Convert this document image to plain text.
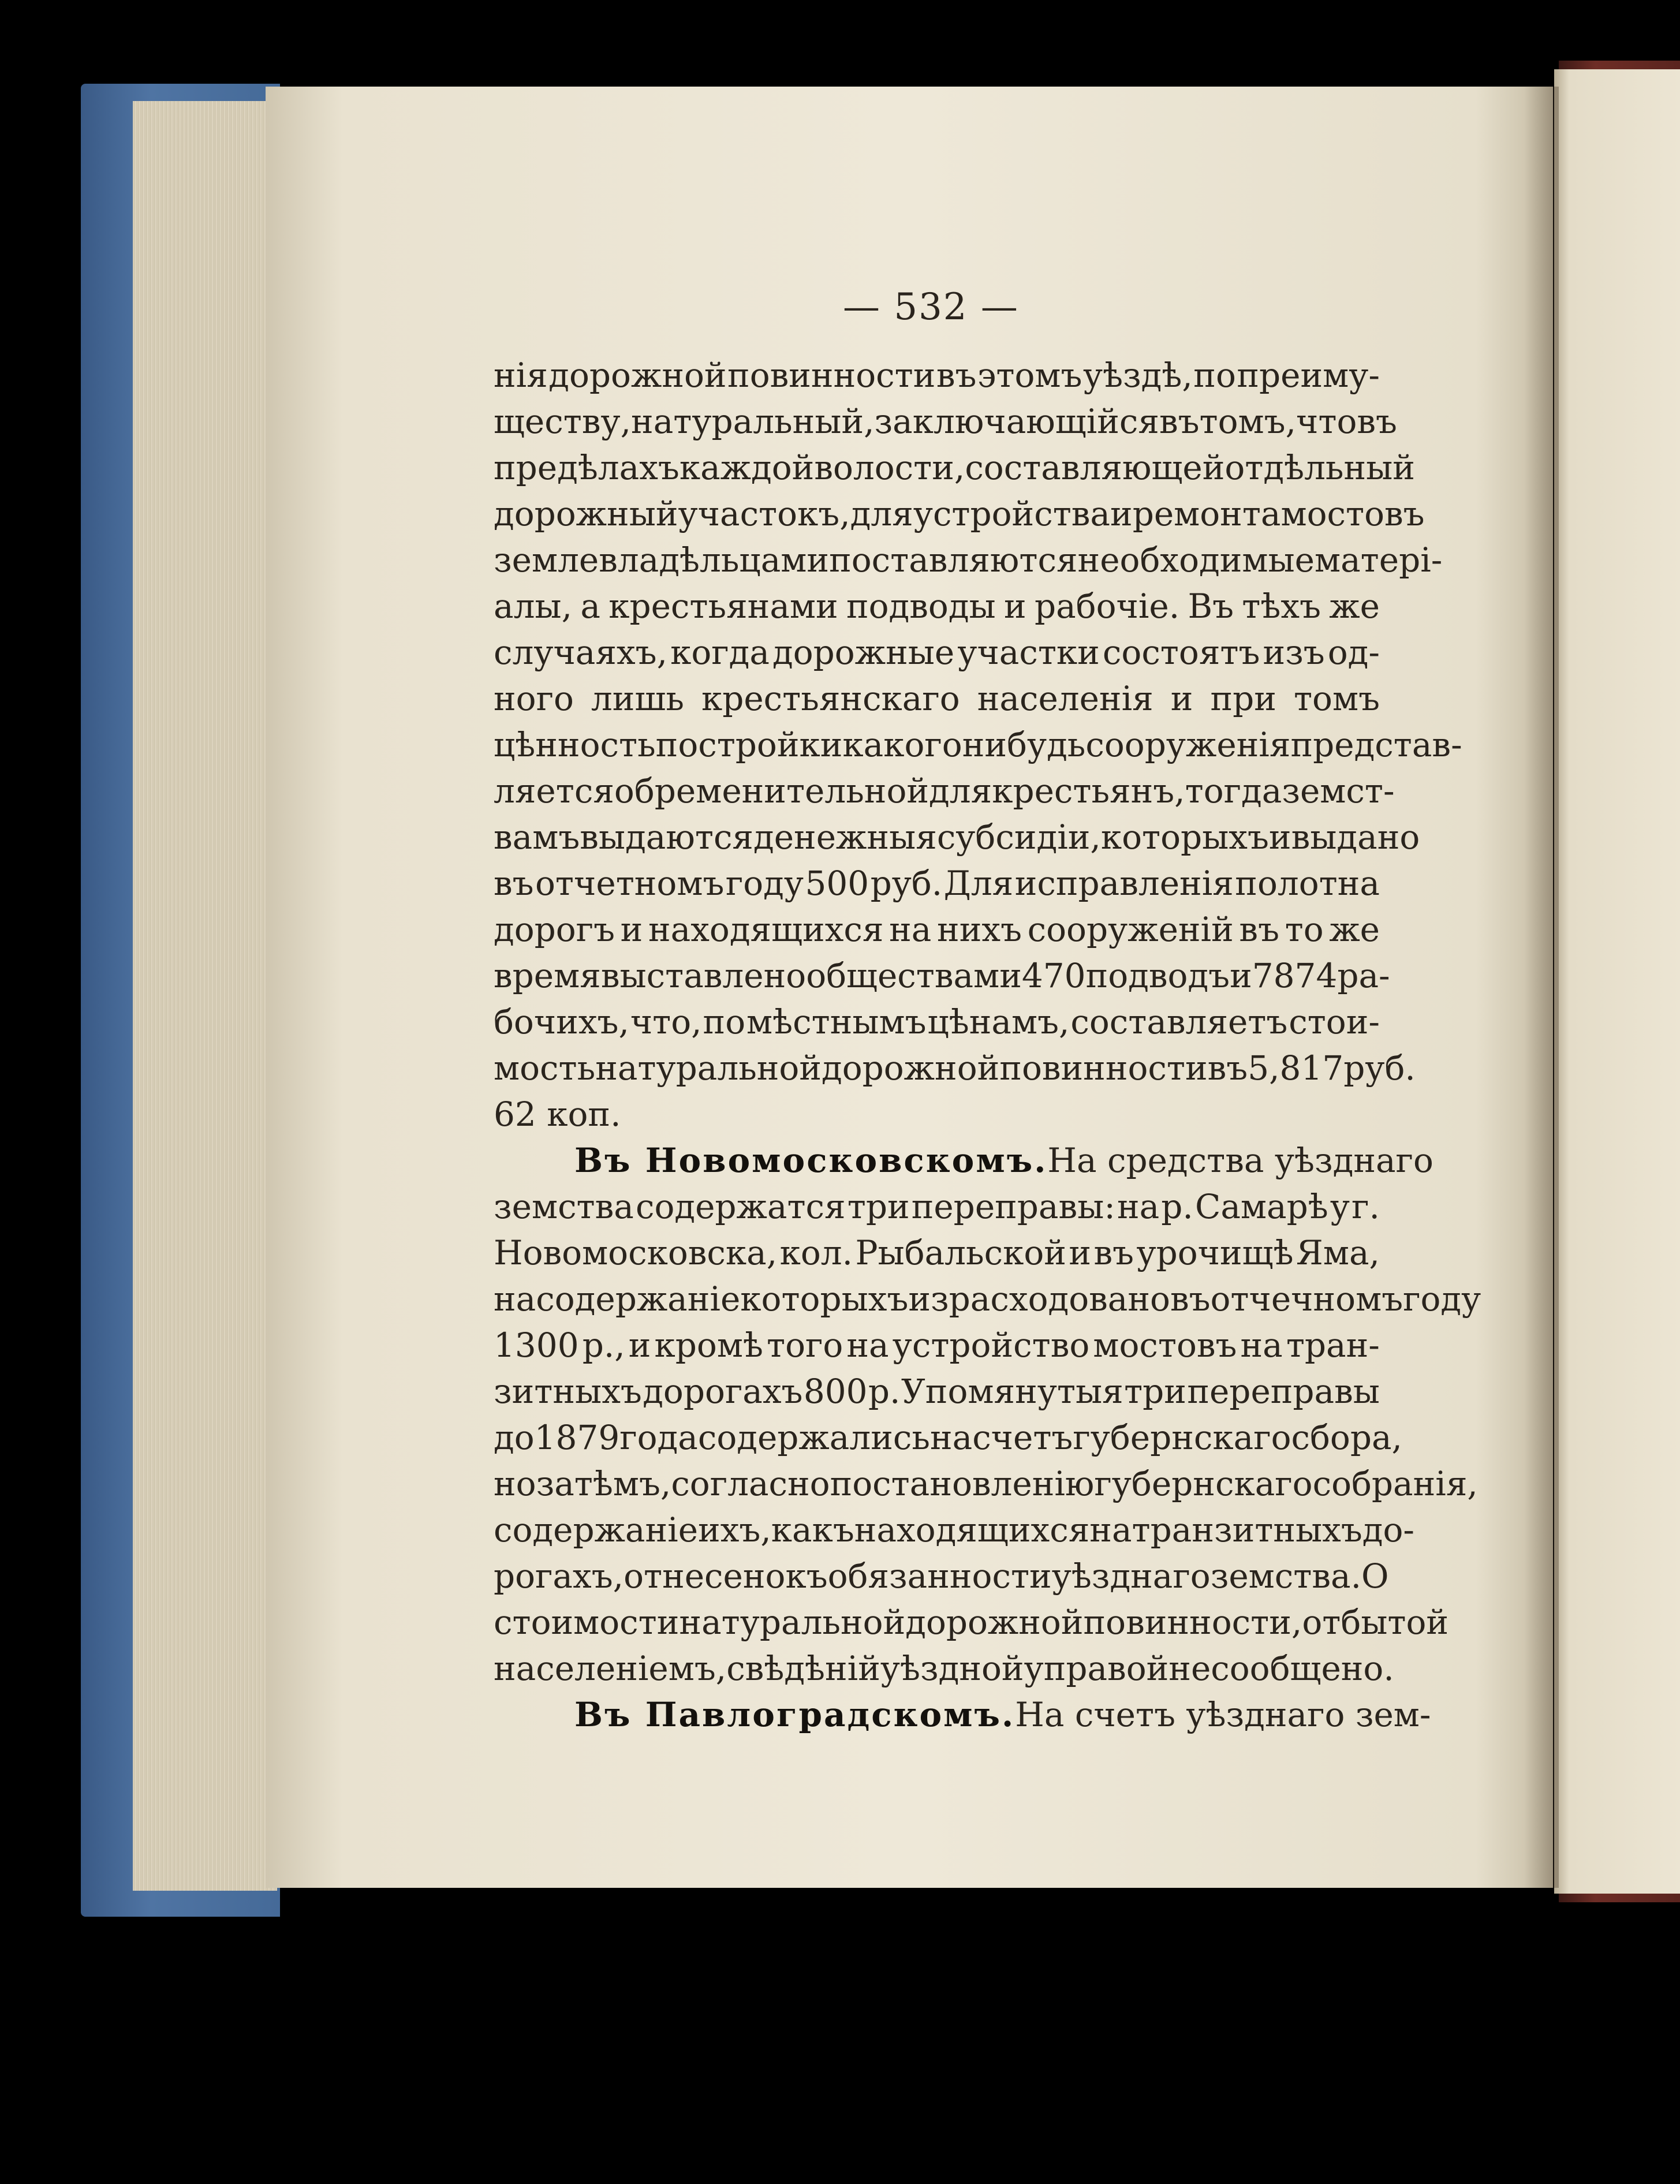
— 532 —
нія дорожной повинности въ этомъ уѣздѣ, по преиму-
ществу, натуральный, заключающійся въ томъ, что въ
предѣлахъ каждой волости, составляющей отдѣльный
дорожный участокъ, для устройства и ремонта мостовъ
землевладѣльцами поставляются необходимые матері-
алы, а крестьянами подводы и рабочіе. Въ тѣхъ же
случаяхъ, когда дорожные участки состоятъ изъ од-
ного лишь крестьянскаго населенія и при томъ
цѣнность постройки какого нибудь сооруженія представ-
ляется обременительной для крестьянъ, тогда земст-
вамъ выдаются денежныя субсидіи, которыхъ и выдано
въ отчетномъ году 500 руб. Для исправленія полотна
дорогъ и находящихся на нихъ сооруженій въ то же
время выставлено обществами 470 подводъ и 7874 ра-
бочихъ, что, по мѣстнымъ цѣнамъ, составляетъ стои-
мость натуральной дорожной повинности въ 5,817 руб.
62 коп.
Въ Новомосковскомъ. На средства уѣзднаго
земства содержатся три переправы: на р. Самарѣ у г.
Новомосковска, кол. Рыбальской и въ урочищѣ Яма,
на содержаніе которыхъ израсходовано въ отчечномъ году
1300 р., и кромѣ того на устройство мостовъ на тран-
зитныхъ дорогахъ 800 р. Упомянутыя три переправы
до 1879 года содержались на счетъ губернскаго сбора,
но затѣмъ, согласно постановленію губернскаго собранія,
содержаніе ихъ, какъ находящихся на транзитныхъ до-
рогахъ, отнесено къ обязанности уѣзднаго земства. О
стоимости натуральной дорожной повинности, отбытой
населеніемъ, свѣдѣній уѣздной управой не сообщено.
Въ Павлоградскомъ. На счетъ уѣзднаго зем-
